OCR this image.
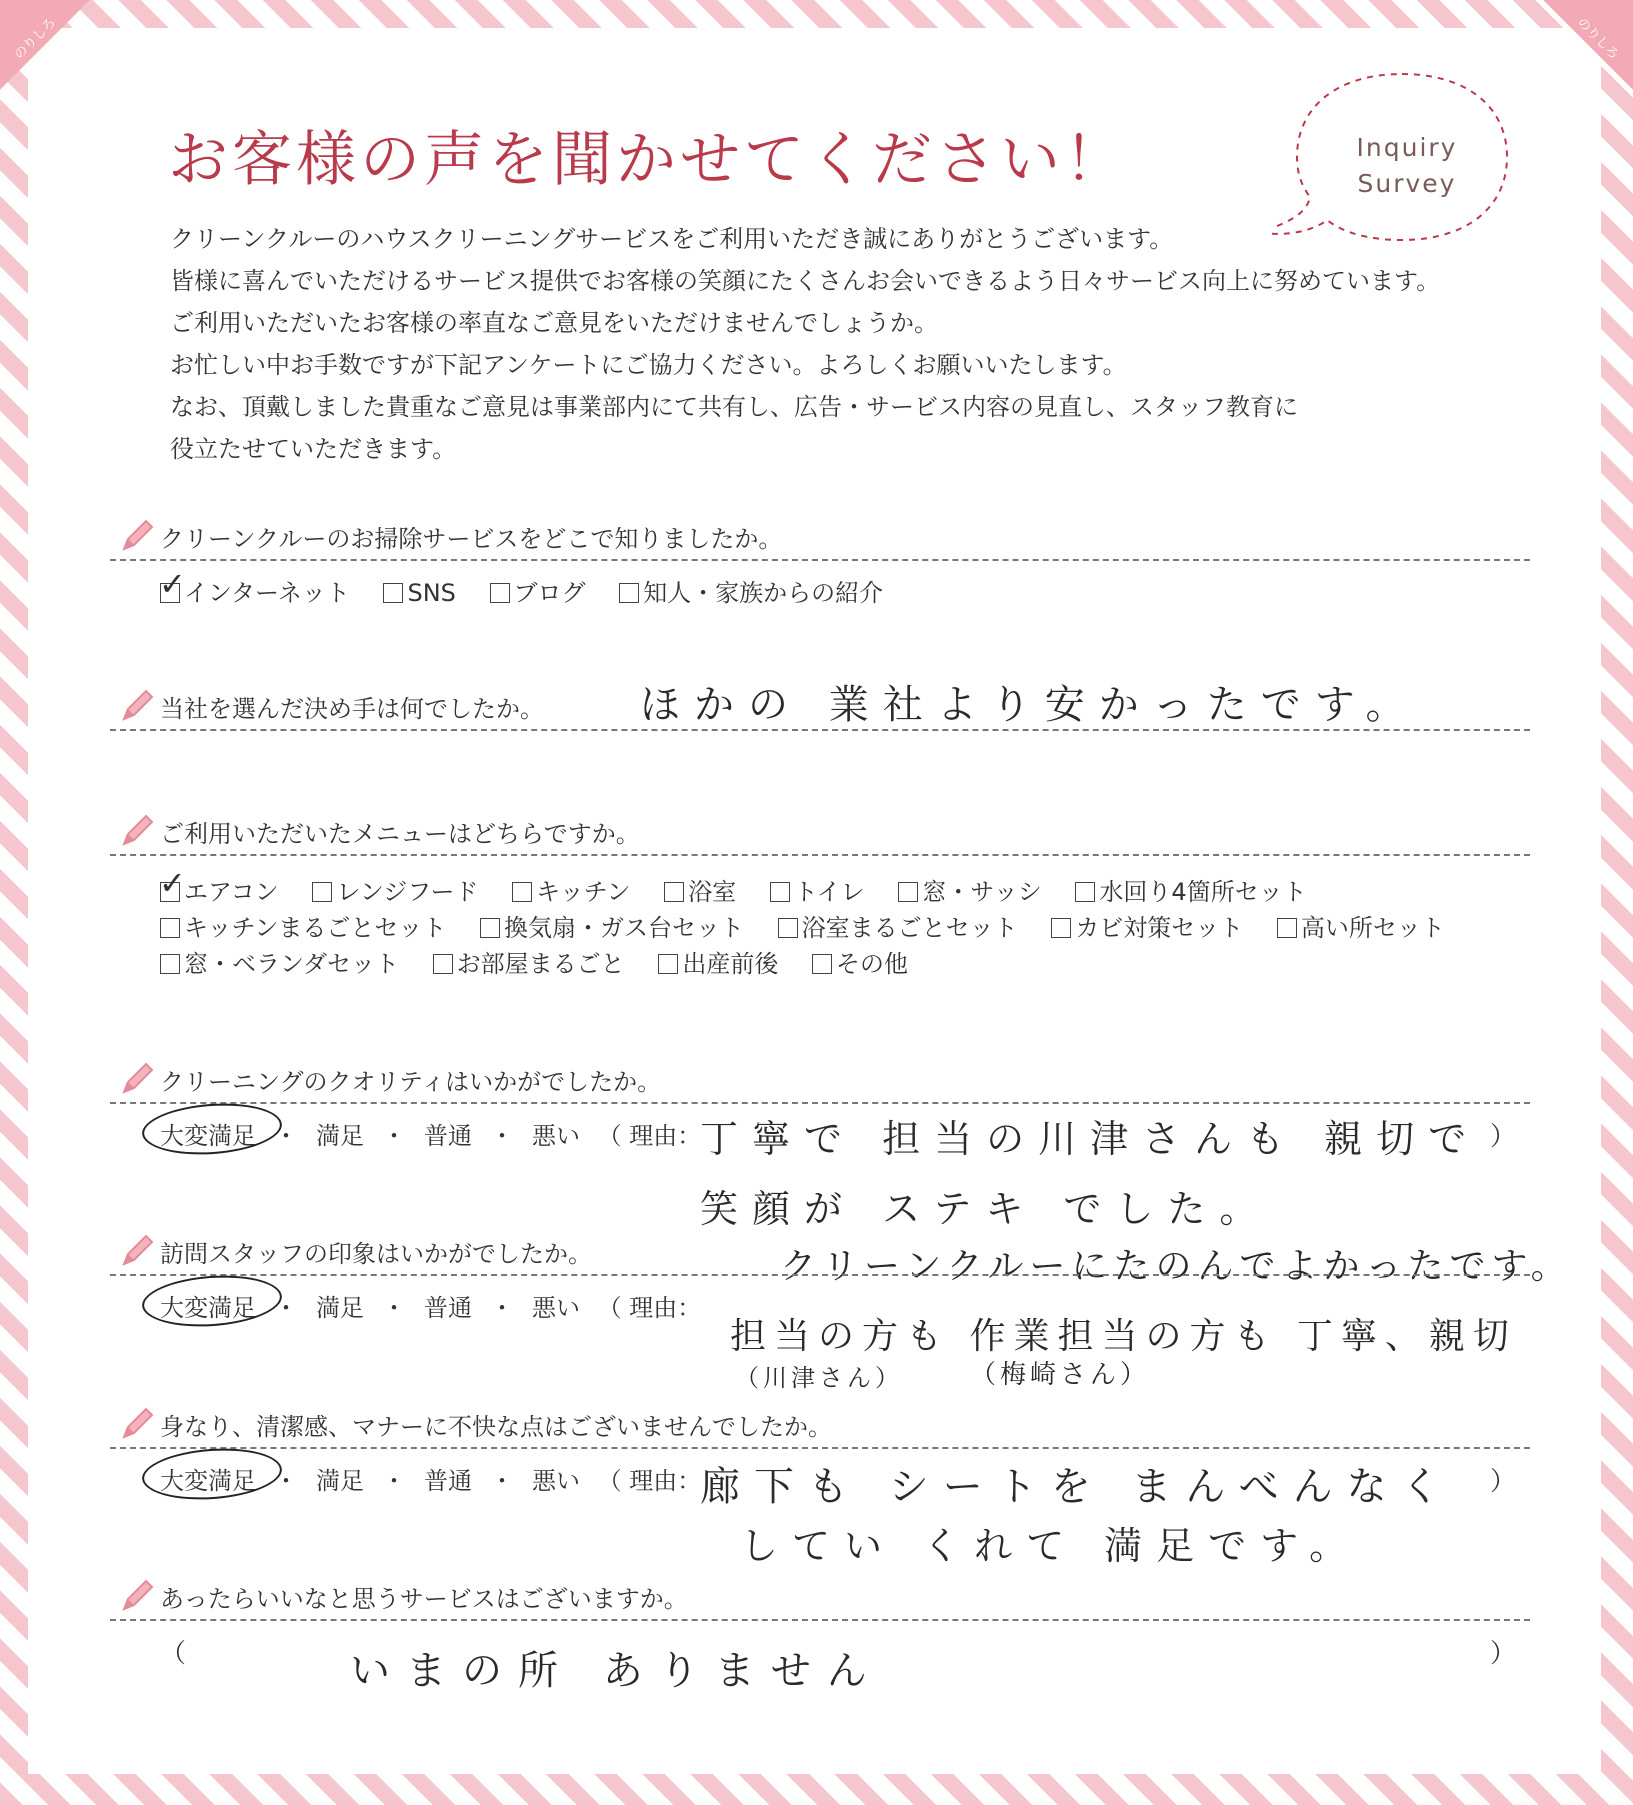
のりしろ	のりしろ
お客様の声を聞かせてください！	Inquiry
Survey

クリーンクルーのハウスクリーニングサービスをご利用いただき誠にありがとうございます。

皆様に喜んでいただけるサービス提供でお客様の笑顔にたくさんお会いできるよう日々サービス向上に努めています。

ご利用いただいたお客様の率直なご意見をいただけませんでしょうか。

お忙しい中お手数ですが下記アンケートにご協力ください。よろしくお願いいたします。

なお、頂戴しました貴重なご意見は事業部内にて共有し、広告・サービス内容の見直し、スタッフ教育に

役立たせていただきます。

クリーンクルーのお掃除サービスをどこで知りましたか。
✓
インターネット SNS ブログ 知人・家族からの紹介
当社を選んだ決め手は何でしたか。 ほかの 業社より安かったです。
ご利用いただいたメニューはどちらですか。
✓
エアコン レンジフード キッチン 浴室 トイレ 窓・サッシ 水回り4箇所セット
キッチンまるごとセット 換気扇・ガス台セット 浴室まるごとセット カビ対策セット 高い所セット
窓・ベランダセット お部屋まるごと 出産前後 その他
クリーニングのクオリティはいかがでしたか。
大変満足 ・ 満足 ・ 普通 ・ 悪い （ 理由：	）
丁寧で 担当の川津さんも 親切で
笑顔が ステキ でした。
クリーンクルーにたのんでよかったです。
訪問スタッフの印象はいかがでしたか。
大変満足 ・ 満足 ・ 普通 ・ 悪い （ 理由：
担当の方も 作業担当の方も 丁寧、親切
（川津さん）	（梅崎さん）
身なり、清潔感、マナーに不快な点はございませんでしたか。
大変満足 ・ 満足 ・ 普通 ・ 悪い （ 理由：	）
廊下も シートを まんべんなく
してい くれて 満足です。
あったらいいなと思うサービスはございますか。
（	）
いまの所 ありません
